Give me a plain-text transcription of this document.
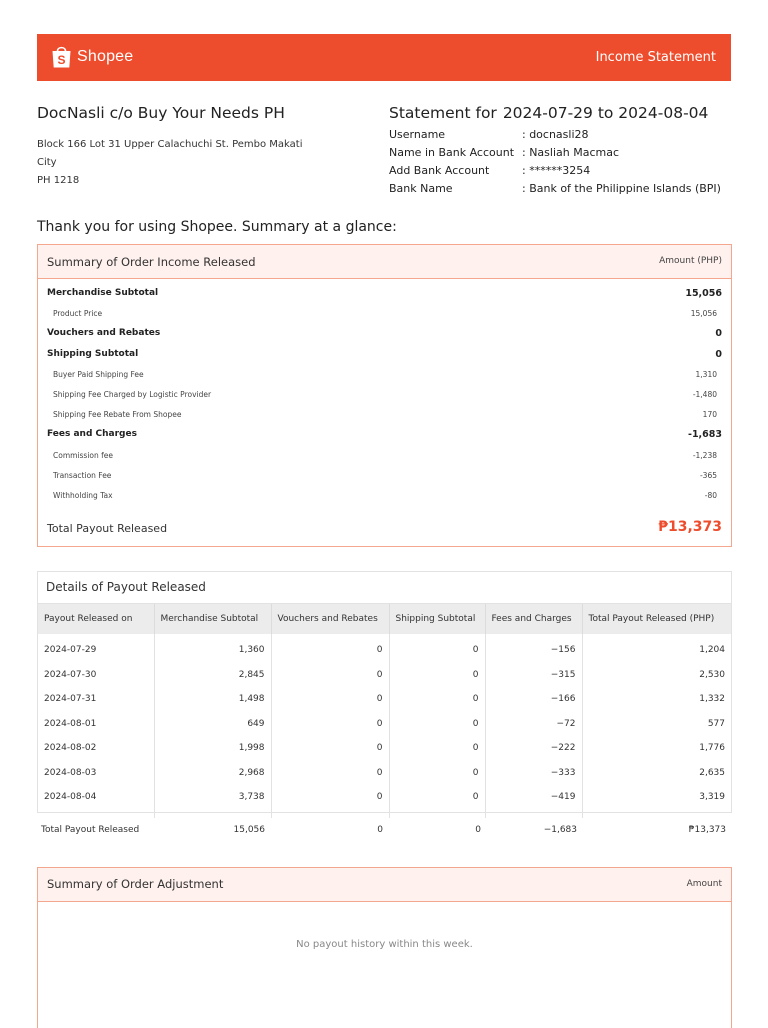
S Shopee	Income Statement
DocNasli c/o Buy Your Needs PH
Block 166 Lot 31 Upper Calachuchi St. Pembo Makati
City
PH 1218
Statement for 2024-07-29 to 2024-08-04
Username	: docnasli28
Name in Bank Account : Nasliah Macmac
Add Bank Account	: ******3254
Bank Name	: Bank of the Philippine Islands (BPI)
Thank you for using Shopee. Summary at a glance:
Summary of Order Income Released	Amount (PHP)
Merchandise Subtotal	15,056
Product Price	15,056
Vouchers and Rebates	0
Shipping Subtotal	0
Buyer Paid Shipping Fee	1,310
Shipping Fee Charged by Logistic Provider	-1,480
Shipping Fee Rebate From Shopee	170
Fees and Charges	-1,683
Commission fee	-1,238
Transaction Fee	-365
Withholding Tax	-80
Total Payout Released	₱13,373
Details of Payout Released
Payout Released on	Merchandise Subtotal	Vouchers and Rebates	Shipping Subtotal	Fees and Charges	Total Payout Released (PHP)
2024-07-29	1,360	0	0	−156	1,204
2024-07-30	2,845	0	0	−315	2,530
2024-07-31	1,498	0	0	−166	1,332
2024-08-01	649	0	0	−72	577
2024-08-02	1,998	0	0	−222	1,776
2024-08-03	2,968	0	0	−333	2,635
2024-08-04	3,738	0	0	−419	3,319

Total Payout Released	15,056	0	0	−1,683	₱13,373
Summary of Order Adjustment	Amount
No payout history within this week.
